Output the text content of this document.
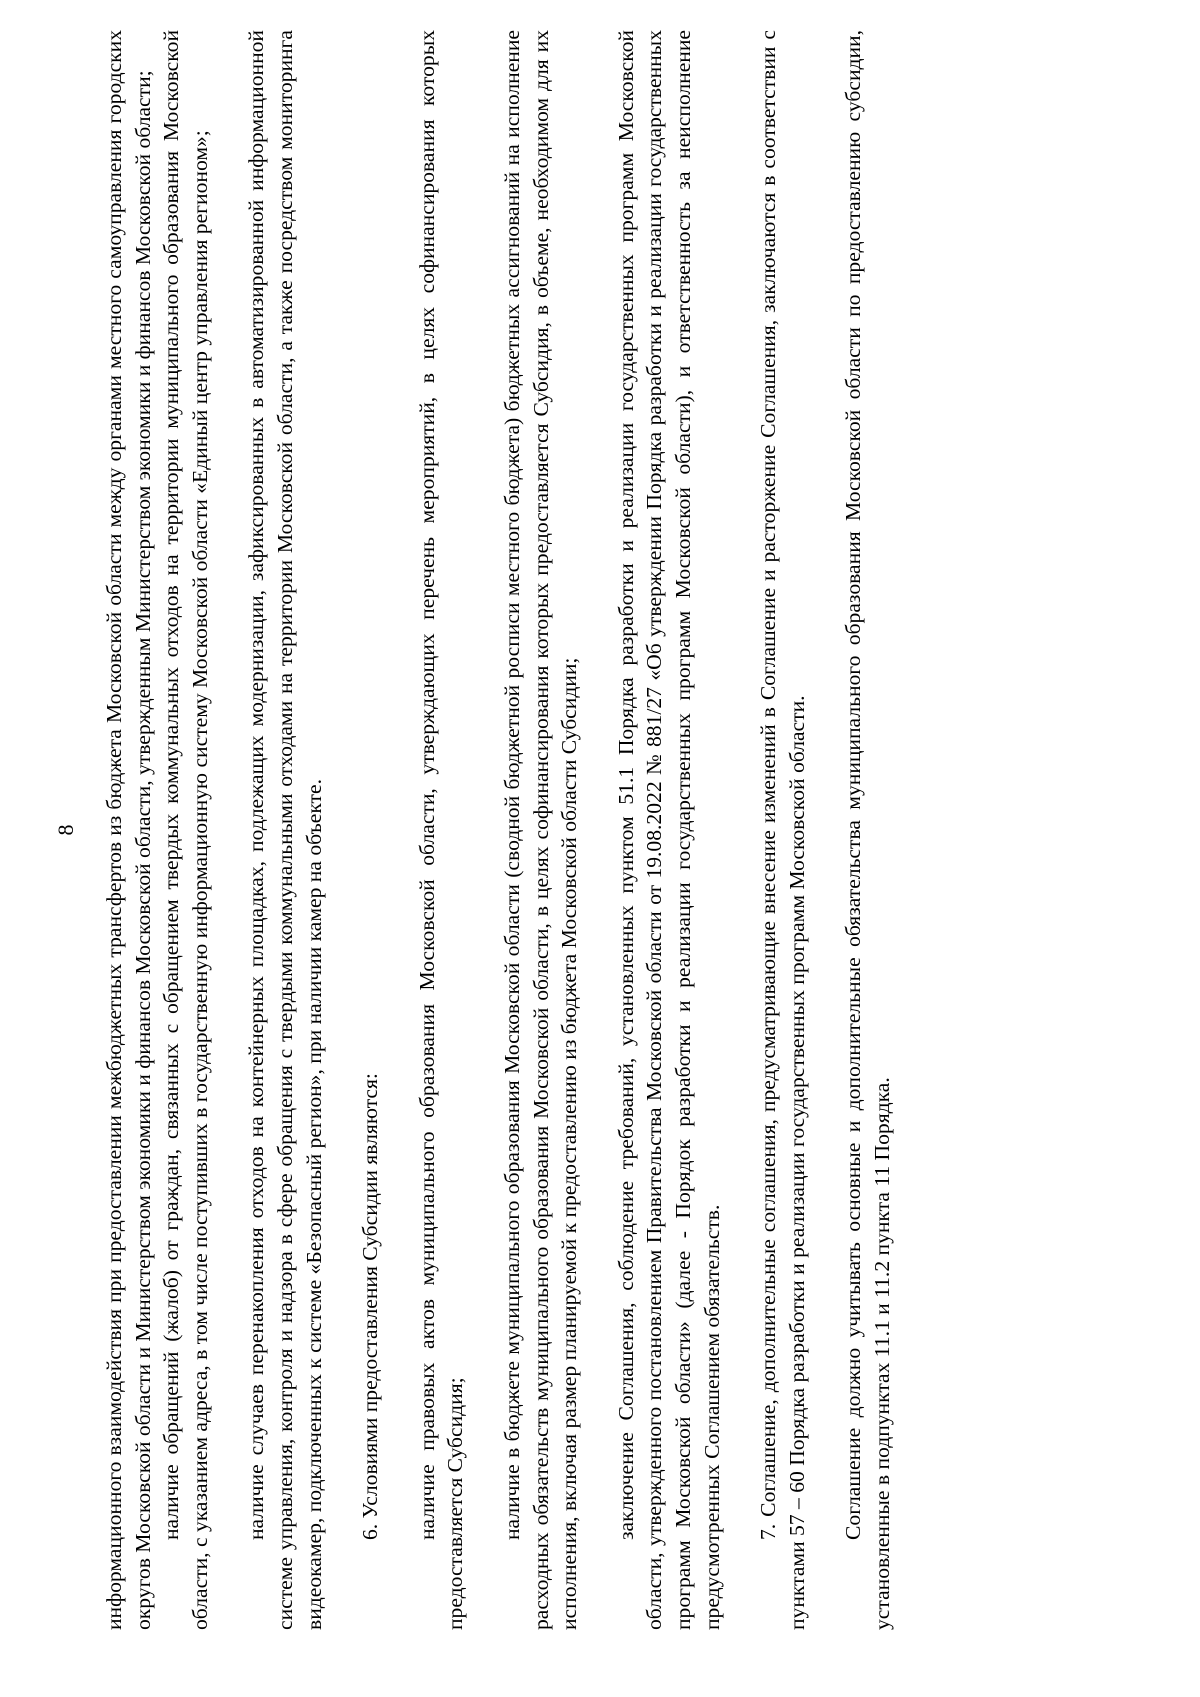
8 информационного взаимодействия при предоставлении межбюджетных трансфертов из бюджета Московской области между органами местного самоуправления городских округов Московской области и Министерством экономики и финансов Московской области, утвержденным Министерством экономики и финансов Московской области; наличие обращений (жалоб) от граждан, связанных с обращением твердых коммунальных отходов на территории муниципального образования Московской области, с указанием адреса, в том числе поступивших в государственную информационную систему Московской области «Единый центр управления регионом»; наличие случаев перенакопления отходов на контейнерных площадках, подлежащих модернизации, зафиксированных в автоматизированной информационной системе управления, контроля и надзора в сфере обращения с твердыми коммунальными отходами на территории Московской области, а также посредством мониторинга видеокамер, подключенных к системе «Безопасный регион», при наличии камер на объекте. 6. Условиями предоставления Субсидии являются: наличие правовых актов муниципального образования Московской области, утверждающих перечень мероприятий, в целях софинансирования которых предоставляется Субсидия; наличие в бюджете муниципального образования Московской области (сводной бюджетной росписи местного бюджета) бюджетных ассигнований на исполнение расходных обязательств муниципального образования Московской области, в целях софинансирования которых предоставляется Субсидия, в объеме, необходимом для их исполнения, включая размер планируемой к предоставлению из бюджета Московской области Субсидии; заключение Соглашения, соблюдение требований, установленных пунктом 51.1 Порядка разработки и реализации государственных программ Московской области, утвержденного постановлением Правительства Московской области от 19.08.2022 № 881/27 «Об утверждении Порядка разработки и реализации государственных программ Московской области» (далее - Порядок разработки и реализации государственных программ Московской области), и ответственность за неисполнение предусмотренных Соглашением обязательств. 7. Соглашение, дополнительные соглашения, предусматривающие внесение изменений в Соглашение и расторжение Соглашения, заключаются в соответствии с пунктами 57 – 60 Порядка разработки и реализации государственных программ Московской области. Соглашение должно учитывать основные и дополнительные обязательства муниципального образования Московской области по предоставлению субсидии, установленные в подпунктах 11.1 и 11.2 пункта 11 Порядка.
